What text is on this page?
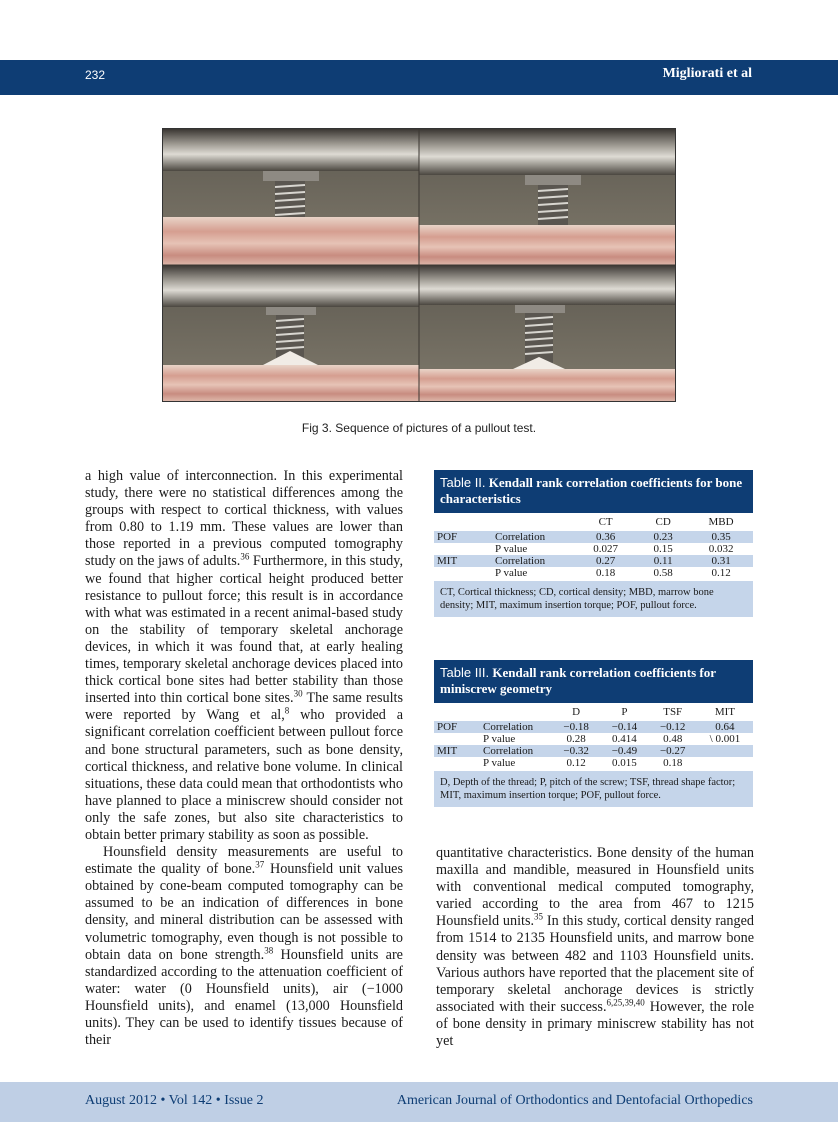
232	Migliorati et al
Fig 3. Sequence of pictures of a pullout test.

a high value of interconnection. In this experimental study, there were no statistical differences among the groups with respect to cortical thickness, with values from 0.80 to 1.19 mm. These values are lower than those reported in a previous computed tomography study on the jaws of adults.$^{36}$ Furthermore, in this study, we found that higher cortical height produced better resistance to pullout force; this result is in accordance with what was estimated in a recent animal-based study on the stability of temporary skeletal anchorage devices, in which it was found that, at early healing times, temporary skeletal anchorage devices placed into thick cortical bone sites had better stability than those inserted into thin cortical bone sites.$^{30}$ The same results were reported by Wang et al,$^8$ who provided a significant correlation coefficient between pullout force and bone structural parameters, such as bone density, cortical thickness, and relative bone volume. In clinical situations, these data could mean that orthodontists who have planned to place a miniscrew should consider not only the safe zones, but also site characteristics to obtain better primary stability as soon as possible.

Hounsfield density measurements are useful to estimate the quality of bone.$^{37}$ Hounsfield unit values obtained by cone-beam computed tomography can be assumed to be an indication of differences in bone density, and mineral distribution can be assessed with volumetric tomography, even though is not possible to obtain data on bone strength.$^{38}$ Hounsfield units are standardized according to the attenuation coefficient of water: water (0 Hounsfield units), air (−1000 Hounsfield units), and enamel (13,000 Hounsfield units). They can be used to identify tissues because of their

Table II. Kendall rank correlation coefficients for bone characteristics
		CT	CD	MBD
POF	Correlation	0.36	0.23	0.35
	P value	0.027	0.15	0.032
MIT	Correlation	0.27	0.11	0.31
	P value	0.18	0.58	0.12
CT, Cortical thickness; CD, cortical density; MBD, marrow bone density; MIT, maximum insertion torque; POF, pullout force.
Table III. Kendall rank correlation coefficients for miniscrew geometry
		D	P	TSF	MIT
POF	Correlation	−0.18	−0.14	−0.12	0.64
	P value	0.28	0.414	0.48	\ 0.001
MIT	Correlation	−0.32	−0.49	−0.27	
	P value	0.12	0.015	0.18	
D, Depth of the thread; P, pitch of the screw; TSF, thread shape factor; MIT, maximum insertion torque; POF, pullout force.

quantitative characteristics. Bone density of the human maxilla and mandible, measured in Hounsfield units with conventional medical computed tomography, varied according to the area from 467 to 1215 Hounsfield units.$^{35}$ In this study, cortical density ranged from 1514 to 2135 Hounsfield units, and marrow bone density was between 482 and 1103 Hounsfield units. Various authors have reported that the placement site of temporary skeletal anchorage devices is strictly associated with their success.$^{6,25,39,40}$ However, the role of bone density in primary miniscrew stability has not yet

August 2012 • Vol 142 • Issue 2	American Journal of Orthodontics and Dentofacial Orthopedics
